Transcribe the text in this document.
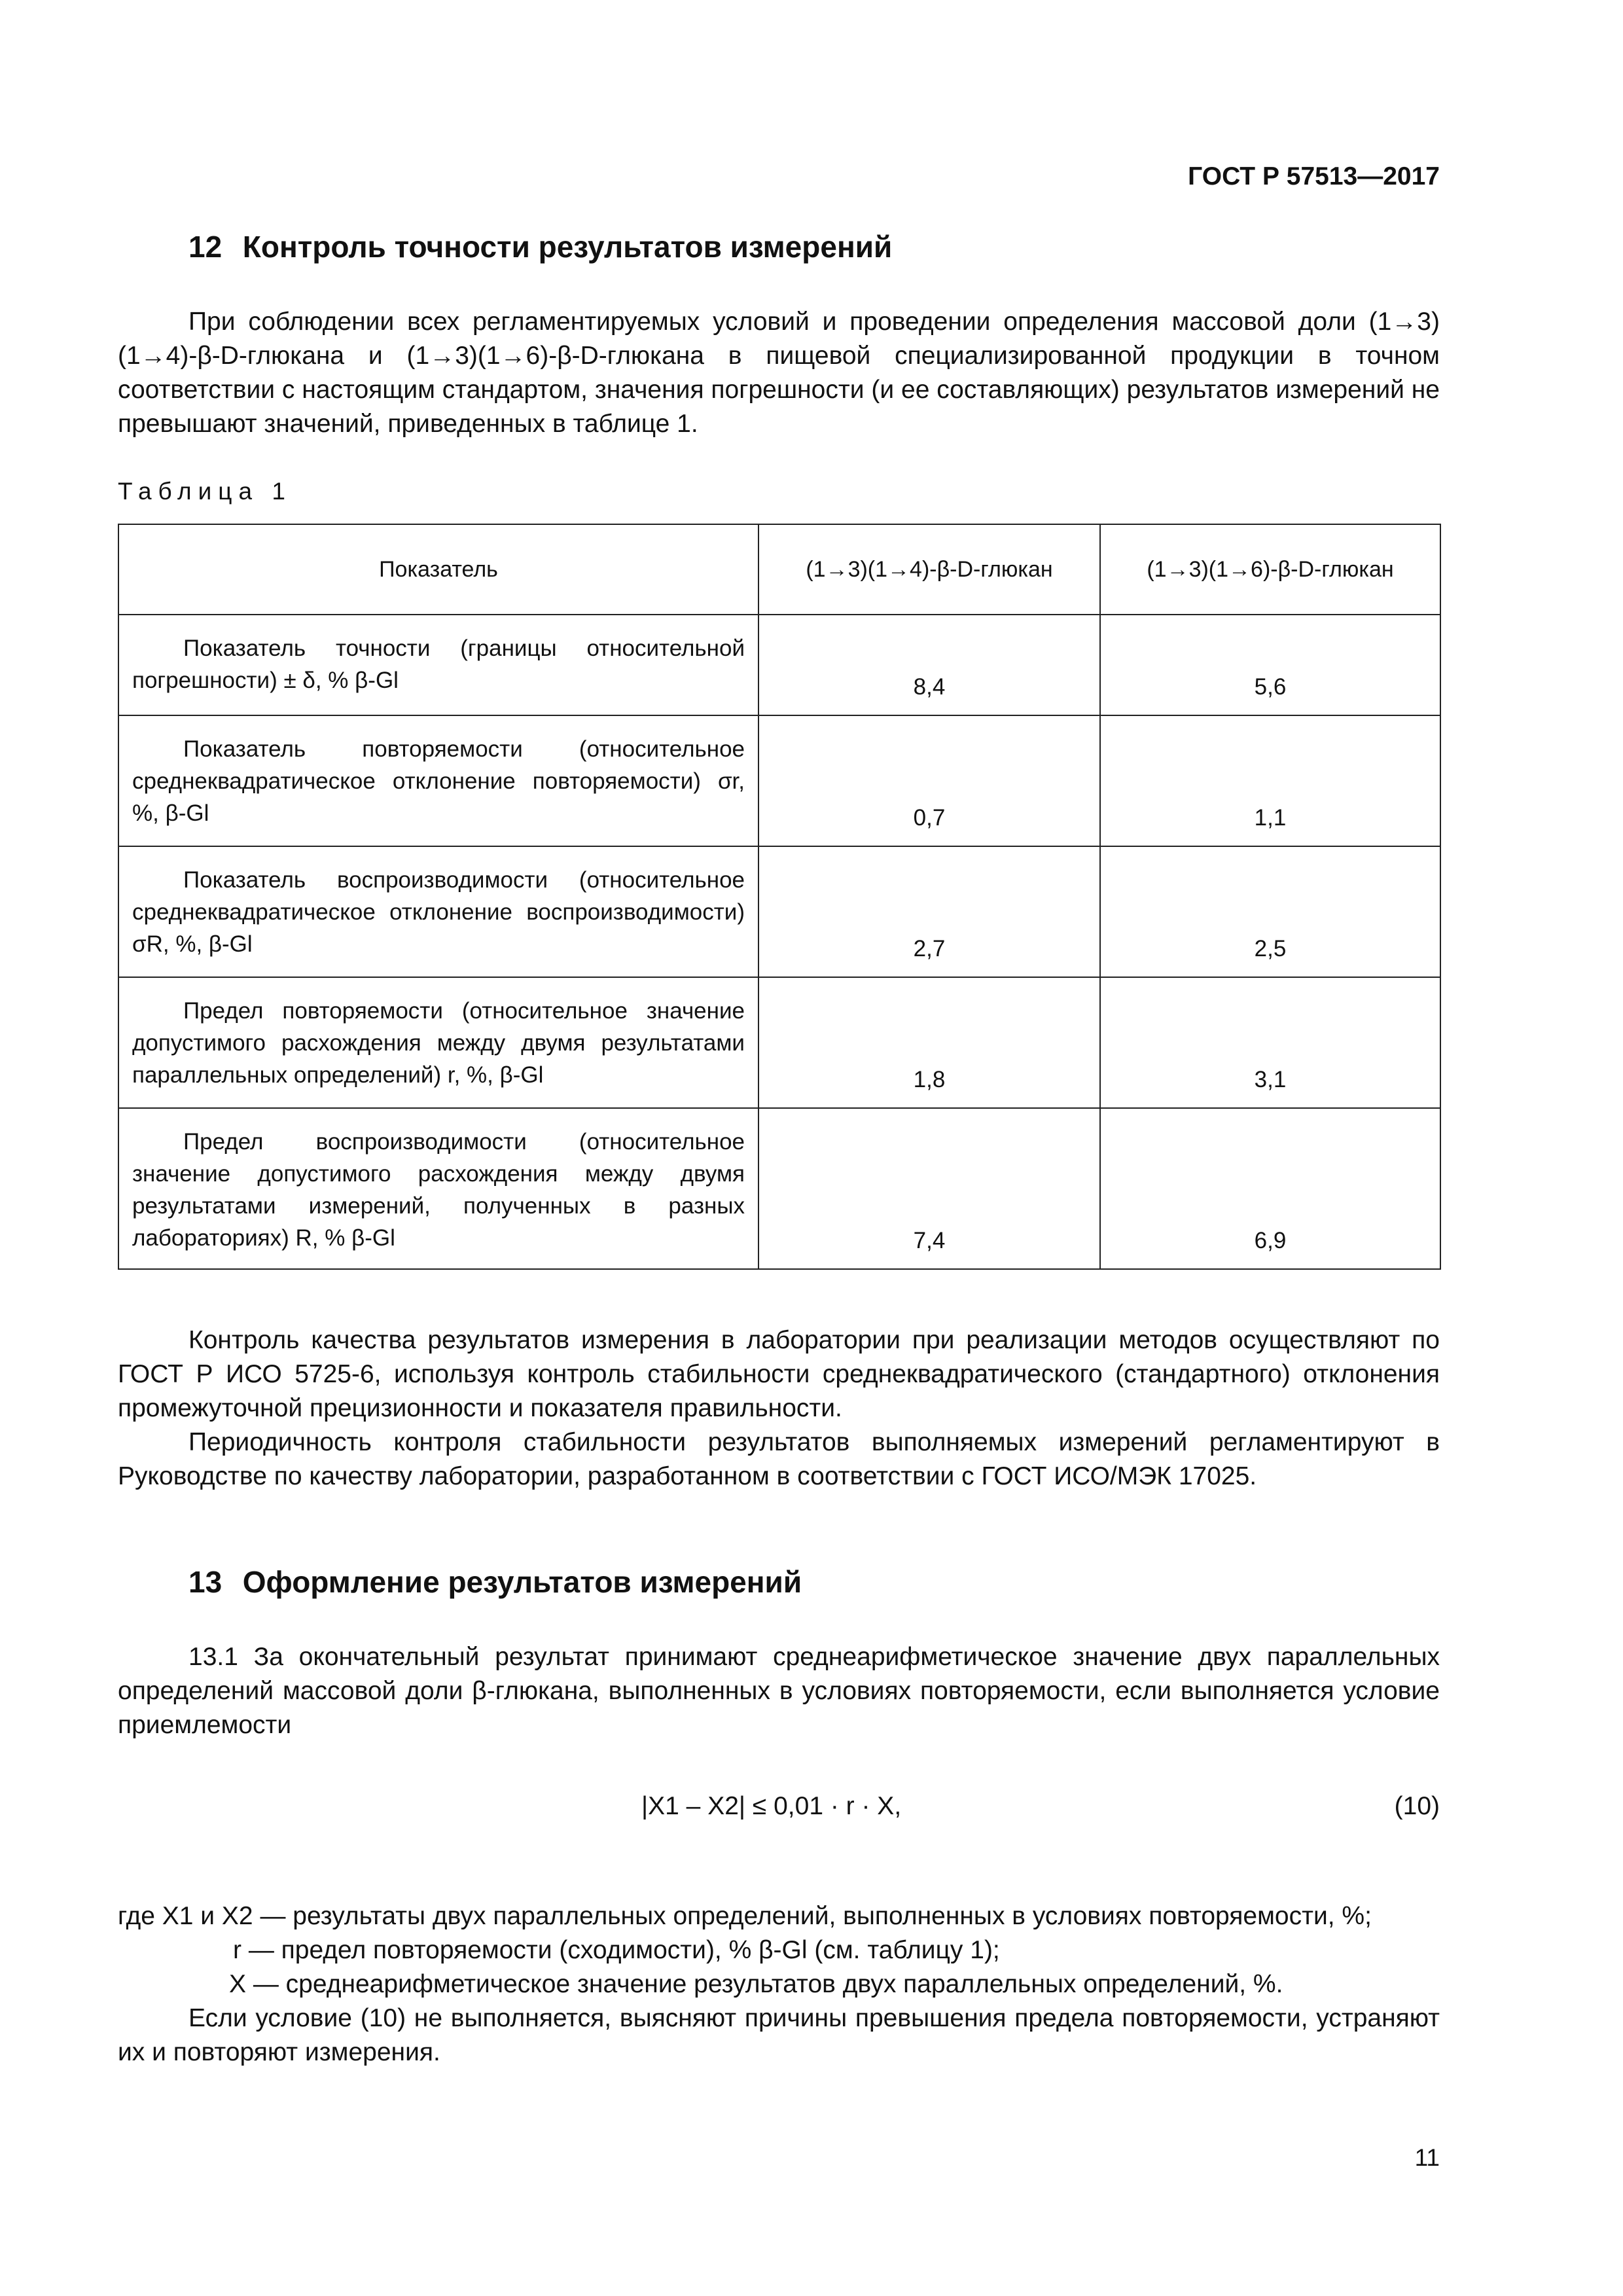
ГОСТ Р 57513—2017
12 Контроль точности результатов измерений
При соблюдении всех регламентируемых условий и проведении определения массовой доли (1→3)(1→4)-β-D-глюкана и (1→3)(1→6)-β-D-глюкана в пищевой специализированной продукции в точном соответствии с настоящим стандартом, значения погрешности (и ее составляющих) результатов измерений не превышают значений, приведенных в таблице 1.
Таблица 1
Показатель	(1→3)(1→4)-β-D-глюкан	(1→3)(1→6)-β-D-глюкан
Показатель точности (границы относительной погрешности) ± δ, % β-Gl	8,4	5,6
Показатель повторяемости (относительное среднеквадратическое отклонение повторяемости) σr, %, β-Gl	0,7	1,1
Показатель воспроизводимости (относительное среднеквадратическое отклонение воспроизводимости) σR, %, β-Gl	2,7	2,5
Предел повторяемости (относительное значение допустимого расхождения между двумя результатами параллельных определений) r, %, β-Gl	1,8	3,1
Предел воспроизводимости (относительное значение допустимого расхождения между двумя результатами измерений, полученных в разных лабораториях) R, % β-Gl	7,4	6,9
Контроль качества результатов измерения в лаборатории при реализации методов осуществляют по ГОСТ Р ИСО 5725-6, используя контроль стабильности среднеквадратического (стандартного) отклонения промежуточной прецизионности и показателя правильности.
Периодичность контроля стабильности результатов выполняемых измерений регламентируют в Руководстве по качеству лаборатории, разработанном в соответствии с ГОСТ ИСО/МЭК 17025.
13 Оформление результатов измерений
13.1 За окончательный результат принимают среднеарифметическое значение двух параллельных определений массовой доли β-глюкана, выполненных в условиях повторяемости, если выполняется условие приемлемости
|X1 – X2| ≤ 0,01 · r · X,	(10)
где X1 и X2 — результаты двух параллельных определений, выполненных в условиях повторяемости, %;
r — предел повторяемости (сходимости), % β-Gl (см. таблицу 1);
X — среднеарифметическое значение результатов двух параллельных определений, %.
Если условие (10) не выполняется, выясняют причины превышения предела повторяемости, устраняют их и повторяют измерения.
11
